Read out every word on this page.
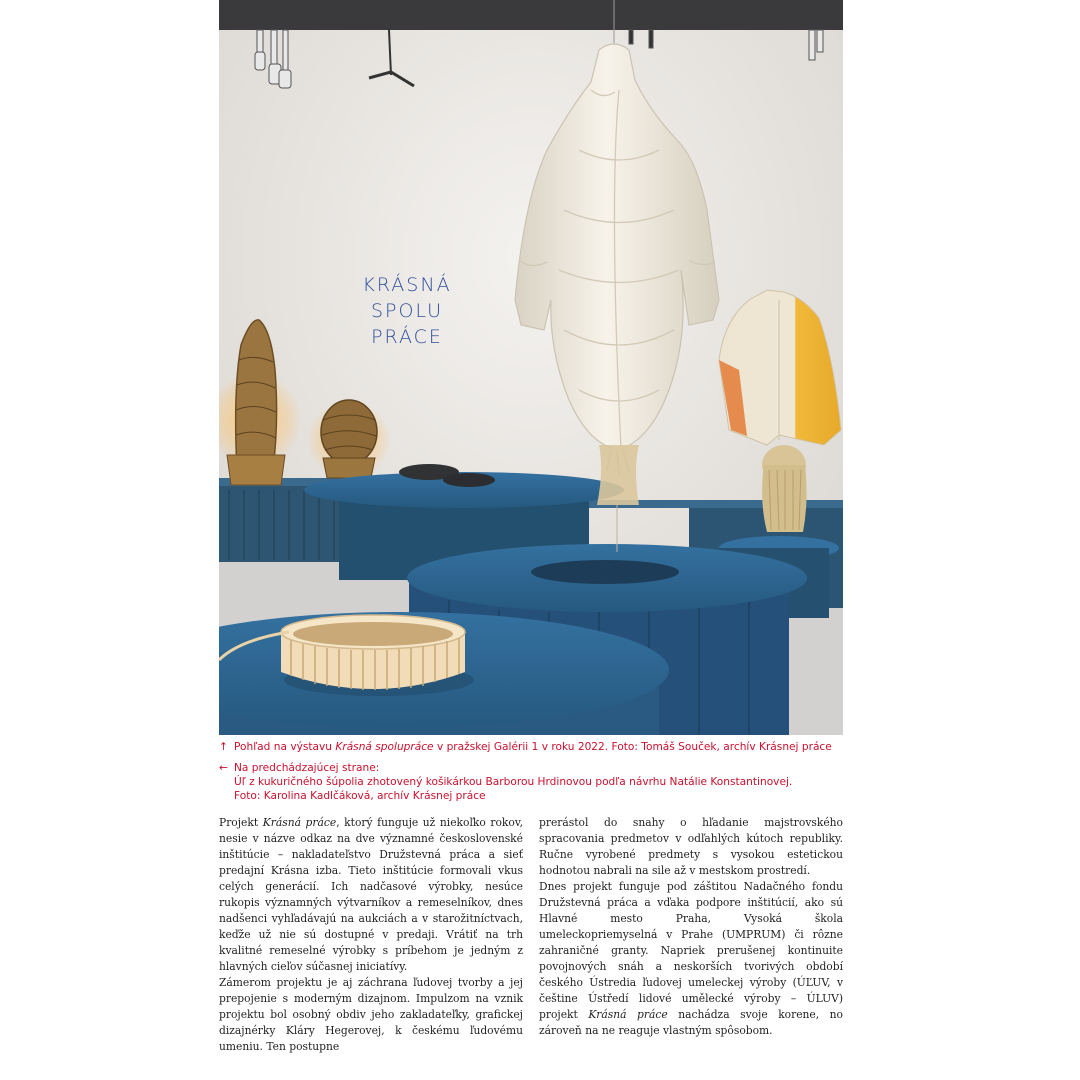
KRÁSNÁ
SPOLU
PRÁCE
↑ Pohľad na výstavu Krásná spolupráce v pražskej Galérii 1 v roku 2022. Foto: Tomáš Souček, archív Krásnej práce
← Na predchádzajúcej strane:
Úľ z kukuričného šúpolia zhotovený košikárkou Barborou Hrdinovou podľa návrhu Natálie Konstantinovej.
Foto: Karolina Kadlčáková, archív Krásnej práce

Projekt Krásná práce, ktorý funguje už niekoľko rokov, nesie v názve odkaz na dve významné československé inštitúcie – nakladateľstvo Družstevná práca a sieť predajní Krásna izba. Tieto inštitúcie formovali vkus celých generácií. Ich nadčasové výrobky, nesúce rukopis významných výtvarníkov a remeselníkov, dnes nadšenci vyhľadávajú na aukciách a v starožitníctvach, keďže už nie sú dostupné v predaji. Vrátiť na trh kvalitné remeselné výrobky s príbehom je jedným z hlavných cieľov súčasnej iniciatívy.

Zámerom projektu je aj záchrana ľudovej tvorby a jej prepojenie s moderným dizajnom. Impulzom na vznik projektu bol osobný obdiv jeho zakladateľky, grafickej dizajnérky Kláry Hegerovej, k českému ľudovému umeniu. Ten postupne

prerástol do snahy o hľadanie majstrovského spracovania predmetov v odľahlých kútoch republiky. Ručne vyrobené predmety s vysokou estetickou hodnotou nabrali na sile až v mestskom prostredí.

Dnes projekt funguje pod záštitou Nadačného fondu Družstevná práca a vďaka podpore inštitúcií, ako sú Hlavné mesto Praha, Vysoká škola umeleckopriemyselná v Prahe (UMPRUM) či rôzne zahraničné granty. Napriek prerušenej kontinuite povojnových snáh a neskorších tvorivých období českého Ústredia ľudovej umeleckej výroby (ÚĽUV, v češtine Ústředí lidové umělecké výroby – ÚLUV) projekt Krásná práce nachádza svoje korene, no zároveň na ne reaguje vlastným spôsobom.
